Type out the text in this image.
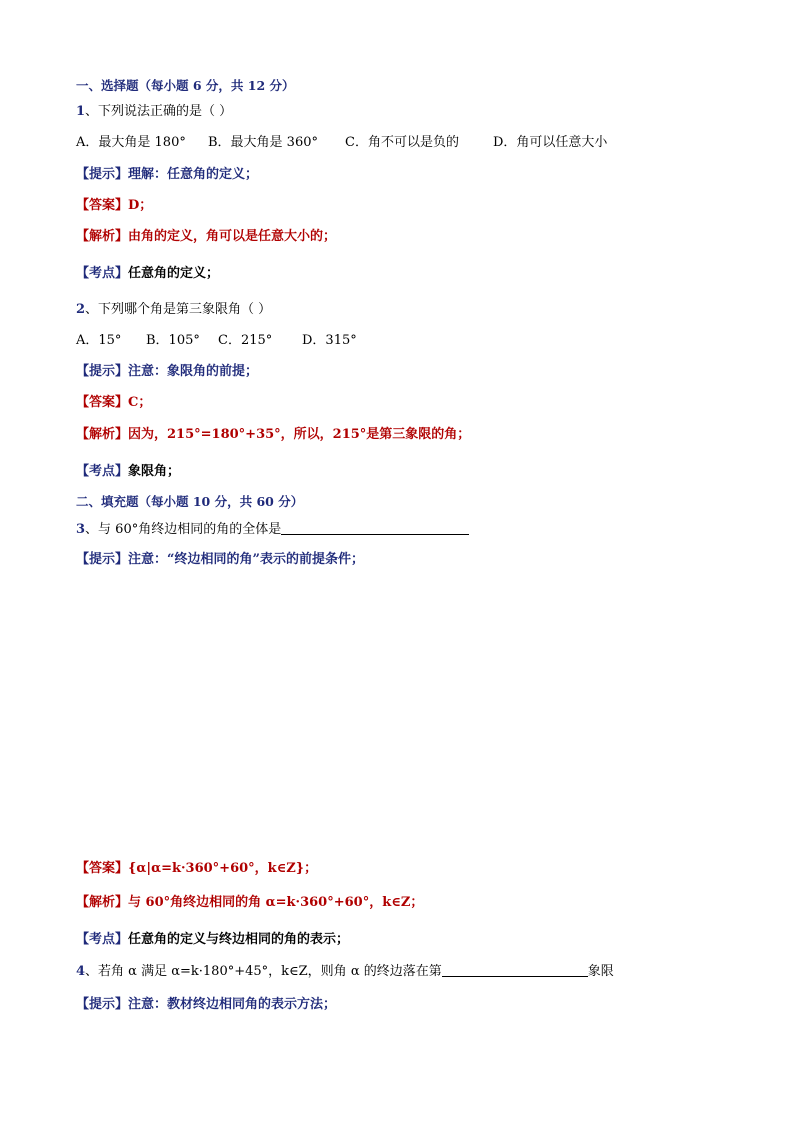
一、选择题（每小题 6 分，共 12 分）
1、下列说法正确的是（ ）
A．最大角是 180° B．最大角是 360° C．角不可以是负的	D．角可以任意大小
【提示】理解：任意角的定义；
【答案】D；
【解析】由角的定义，角可以是任意大小的；
【考点】任意角的定义；
2、下列哪个角是第三象限角（ ）
A．15° B．105° C．215° D．315°
【提示】注意：象限角的前提；
【答案】C；
【解析】因为，215°=180°+35°，所以，215°是第三象限的角；
【考点】象限角；
二、填充题（每小题 10 分，共 60 分）
3、与 60°角终边相同的角的全体是
【提示】注意：“终边相同的角”表示的前提条件；
【答案】{α|α=k·360°+60°，k∈Z}；
【解析】与 60°角终边相同的角 α=k·360°+60°，k∈Z；
【考点】任意角的定义与终边相同的角的表示；
4、若角 α 满足 α=k·180°+45°，k∈Z，则角 α 的终边落在第	象限
【提示】注意：教材终边相同角的表示方法；
